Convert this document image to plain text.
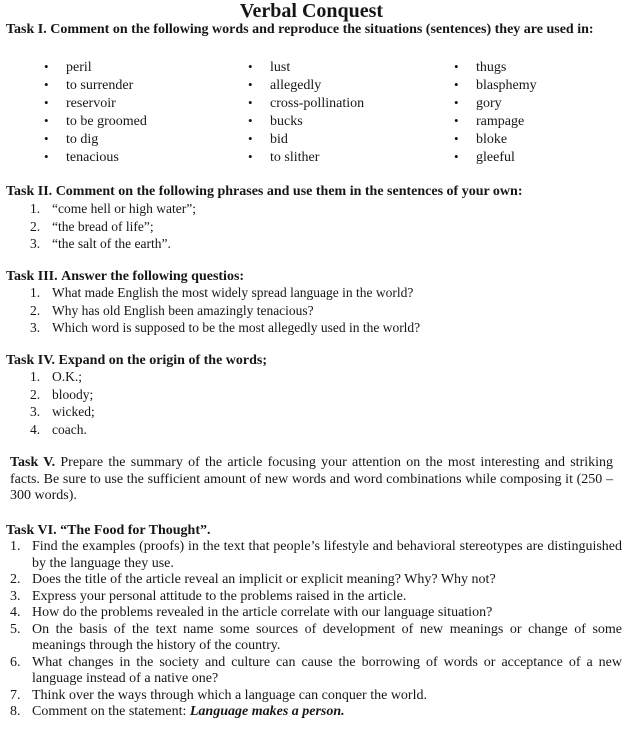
Verbal Conquest
Task I. Comment on the following words and reproduce the situations (sentences) they are used in:
• peril
• to surrender
• reservoir
• to be groomed
• to dig
• tenacious
• lust
• allegedly
• cross-pollination
• bucks
• bid
• to slither
• thugs
• blasphemy
• gory
• rampage
• bloke
• gleeful
Task II. Comment on the following phrases and use them in the sentences of your own:
1. “come hell or high water”;
2. “the bread of life”;
3. “the salt of the earth”.
Task III. Answer the following questios:
1. What made English the most widely spread language in the world?
2. Why has old English been amazingly tenacious?
3. Which word is supposed to be the most allegedly used in the world?
Task IV. Expand on the origin of the words;
1. O.K.;
2. bloody;
3. wicked;
4. coach.
Task V. Prepare the summary of the article focusing your attention on the most interesting and striking facts. Be sure to use the sufficient amount of new words and word combinations while composing it (250 – 300 words).
Task VI. “The Food for Thought”.
1. Find the examples (proofs) in the text that people’s lifestyle and behavioral stereotypes are distinguished by the language they use.
2. Does the title of the article reveal an implicit or explicit meaning? Why? Why not?
3. Express your personal attitude to the problems raised in the article.
4. How do the problems revealed in the article correlate with our language situation?
5. On the basis of the text name some sources of development of new meanings or change of some meanings through the history of the country.
6. What changes in the society and culture can cause the borrowing of words or acceptance of a new language instead of a native one?
7. Think over the ways through which a language can conquer the world.
8. Comment on the statement: Language makes a person.
